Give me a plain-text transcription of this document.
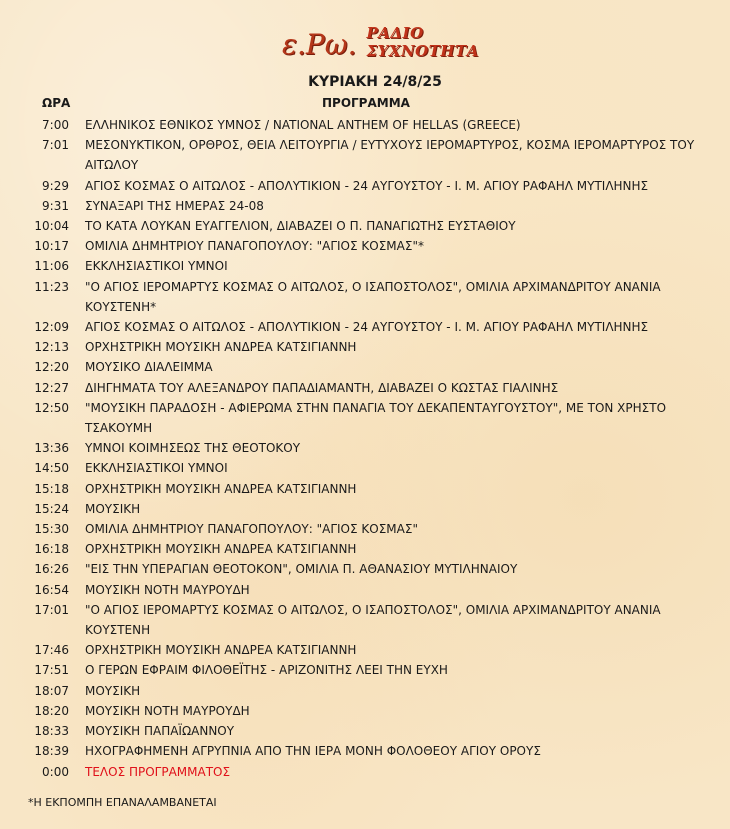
ε.Ρω. ΡΑΔΙΟ
ΣΥΧΝΟΤΗΤΑ
ΚΥΡΙΑΚΗ 24/8/25
ΩΡΑ	ΠΡΟΓΡΑΜΜΑ
7:00 ΕΛΛΗΝΙΚΟΣ ΕΘΝΙΚΟΣ ΥΜΝΟΣ / NATIONAL ANTHEM OF HELLAS (GREECE)
7:01 ΜΕΣΟΝΥΚΤΙΚΟΝ, ΟΡΘΡΟΣ, ΘΕΙΑ ΛΕΙΤΟΥΡΓΙΑ / ΕΥΤΥΧΟΥΣ ΙΕΡΟΜΑΡΤΥΡΟΣ, ΚΟΣΜΑ ΙΕΡΟΜΑΡΤΥΡΟΣ ΤΟΥ ΑΙΤΩΛΟΥ
9:29 ΑΓΙΟΣ ΚΟΣΜΑΣ Ο ΑΙΤΩΛΟΣ - ΑΠΟΛΥΤΙΚΙΟΝ - 24 ΑΥΓΟΥΣΤΟΥ - Ι. Μ. ΑΓΙΟΥ ΡΑΦΑΗΛ ΜΥΤΙΛΗΝΗΣ
9:31 ΣΥΝΑΞΑΡΙ ΤΗΣ ΗΜΕΡΑΣ 24-08
10:04 ΤΟ ΚΑΤΑ ΛΟΥΚΑΝ ΕΥΑΓΓΕΛΙΟΝ, ΔΙΑΒΑΖΕΙ Ο Π. ΠΑΝΑΓΙΩΤΗΣ ΕΥΣΤΑΘΙΟΥ
10:17 ΟΜΙΛΙΑ ΔΗΜΗΤΡΙΟΥ ΠΑΝΑΓΟΠΟΥΛΟΥ: "ΑΓΙΟΣ ΚΟΣΜΑΣ"*
11:06 ΕΚΚΛΗΣΙΑΣΤΙΚΟΙ ΥΜΝΟΙ
11:23 "Ο ΑΓΙΟΣ ΙΕΡΟΜΑΡΤΥΣ ΚΟΣΜΑΣ Ο ΑΙΤΩΛΟΣ, Ο ΙΣΑΠΟΣΤΟΛΟΣ", ΟΜΙΛΙΑ ΑΡΧΙΜΑΝΔΡΙΤΟΥ ΑΝΑΝΙΑ ΚΟΥΣΤΕΝΗ*
12:09 ΑΓΙΟΣ ΚΟΣΜΑΣ Ο ΑΙΤΩΛΟΣ - ΑΠΟΛΥΤΙΚΙΟΝ - 24 ΑΥΓΟΥΣΤΟΥ - Ι. Μ. ΑΓΙΟΥ ΡΑΦΑΗΛ ΜΥΤΙΛΗΝΗΣ
12:13 ΟΡΧΗΣΤΡΙΚΗ ΜΟΥΣΙΚΗ ΑΝΔΡΕΑ ΚΑΤΣΙΓΙΑΝΝΗ
12:20 ΜΟΥΣΙΚΟ ΔΙΑΛΕΙΜΜΑ
12:27 ΔΙΗΓΗΜΑΤΑ ΤΟΥ ΑΛΕΞΑΝΔΡΟΥ ΠΑΠΑΔΙΑΜΑΝΤΗ, ΔΙΑΒΑΖΕΙ Ο ΚΩΣΤΑΣ ΓΙΑΛΙΝΗΣ
12:50 "ΜΟΥΣΙΚΗ ΠΑΡΑΔΟΣΗ - ΑΦΙΕΡΩΜΑ ΣΤΗΝ ΠΑΝΑΓΙΑ ΤΟΥ ΔΕΚΑΠΕΝΤΑΥΓΟΥΣΤΟΥ", ΜΕ ΤΟΝ ΧΡΗΣΤΟ ΤΣΑΚΟΥΜΗ
13:36 ΥΜΝΟΙ ΚΟΙΜΗΣΕΩΣ ΤΗΣ ΘΕΟΤΟΚΟΥ
14:50 ΕΚΚΛΗΣΙΑΣΤΙΚΟΙ ΥΜΝΟΙ
15:18 ΟΡΧΗΣΤΡΙΚΗ ΜΟΥΣΙΚΗ ΑΝΔΡΕΑ ΚΑΤΣΙΓΙΑΝΝΗ
15:24 ΜΟΥΣΙΚΗ
15:30 ΟΜΙΛΙΑ ΔΗΜΗΤΡΙΟΥ ΠΑΝΑΓΟΠΟΥΛΟΥ: "ΑΓΙΟΣ ΚΟΣΜΑΣ"
16:18 ΟΡΧΗΣΤΡΙΚΗ ΜΟΥΣΙΚΗ ΑΝΔΡΕΑ ΚΑΤΣΙΓΙΑΝΝΗ
16:26 "ΕΙΣ ΤΗΝ ΥΠΕΡΑΓΙΑΝ ΘΕΟΤΟΚΟΝ", ΟΜΙΛΙΑ Π. ΑΘΑΝΑΣΙΟΥ ΜΥΤΙΛΗΝΑΙΟΥ
16:54 ΜΟΥΣΙΚΗ ΝΟΤΗ ΜΑΥΡΟΥΔΗ
17:01 "Ο ΑΓΙΟΣ ΙΕΡΟΜΑΡΤΥΣ ΚΟΣΜΑΣ Ο ΑΙΤΩΛΟΣ, Ο ΙΣΑΠΟΣΤΟΛΟΣ", ΟΜΙΛΙΑ ΑΡΧΙΜΑΝΔΡΙΤΟΥ ΑΝΑΝΙΑ ΚΟΥΣΤΕΝΗ
17:46 ΟΡΧΗΣΤΡΙΚΗ ΜΟΥΣΙΚΗ ΑΝΔΡΕΑ ΚΑΤΣΙΓΙΑΝΝΗ
17:51 Ο ΓΕΡΩΝ ΕΦΡΑΙΜ ΦΙΛΟΘΕΪΤΗΣ - ΑΡΙΖΟΝΙΤΗΣ ΛΕΕΙ ΤΗΝ ΕΥΧΗ
18:07 ΜΟΥΣΙΚΗ
18:20 ΜΟΥΣΙΚΗ ΝΟΤΗ ΜΑΥΡΟΥΔΗ
18:33 ΜΟΥΣΙΚΗ ΠΑΠΑΪΩΑΝΝΟΥ
18:39 ΗΧΟΓΡΑΦΗΜΕΝΗ ΑΓΡΥΠΝΙΑ ΑΠΟ ΤΗΝ ΙΕΡΑ ΜΟΝΗ ΦΟΛΟΘΕΟΥ ΑΓΙΟΥ ΟΡΟΥΣ
0:00 ΤΕΛΟΣ ΠΡΟΓΡΑΜΜΑΤΟΣ
*Η ΕΚΠΟΜΠΗ ΕΠΑΝΑΛΑΜΒΑΝΕΤΑΙ
